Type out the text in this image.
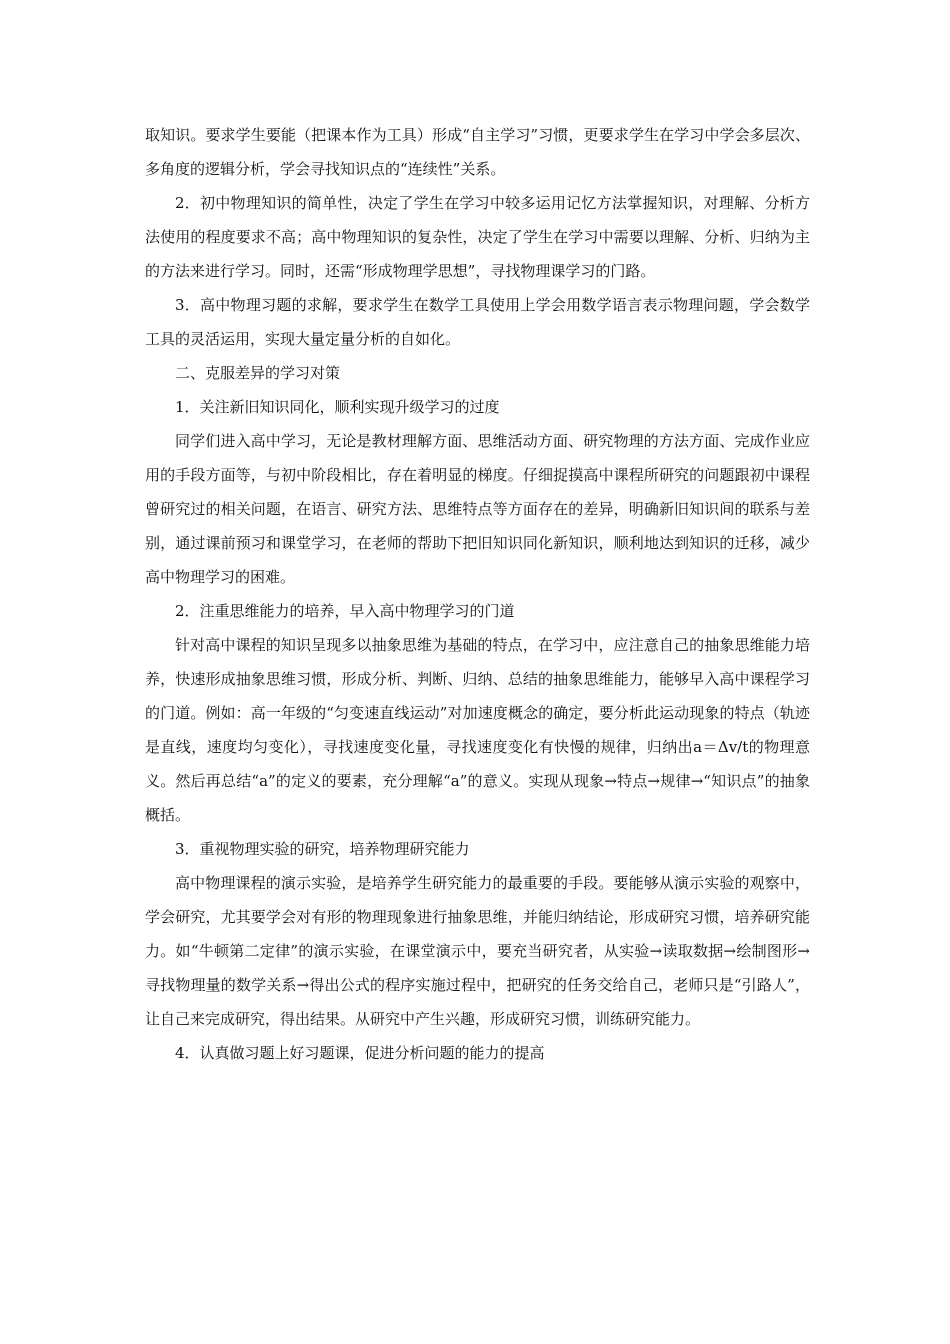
取知识。要求学生要能（把课本作为工具）形成“自主学习”习惯，更要求学生在学习中学会多层次、多角度的逻辑分析，学会寻找知识点的“连续性”关系。

2．初中物理知识的简单性，决定了学生在学习中较多运用记忆方法掌握知识，对理解、分析方法使用的程度要求不高；高中物理知识的复杂性，决定了学生在学习中需要以理解、分析、归纳为主的方法来进行学习。同时，还需“形成物理学思想”，寻找物理课学习的门路。

3．高中物理习题的求解，要求学生在数学工具使用上学会用数学语言表示物理问题，学会数学工具的灵活运用，实现大量定量分析的自如化。

二、克服差异的学习对策

1．关注新旧知识同化，顺利实现升级学习的过度

同学们进入高中学习，无论是教材理解方面、思维活动方面、研究物理的方法方面、完成作业应用的手段方面等，与初中阶段相比，存在着明显的梯度。仔细捉摸高中课程所研究的问题跟初中课程曾研究过的相关问题，在语言、研究方法、思维特点等方面存在的差异，明确新旧知识间的联系与差别，通过课前预习和课堂学习，在老师的帮助下把旧知识同化新知识，顺利地达到知识的迁移，减少高中物理学习的困难。

2．注重思维能力的培养，早入高中物理学习的门道

针对高中课程的知识呈现多以抽象思维为基础的特点，在学习中，应注意自己的抽象思维能力培养，快速形成抽象思维习惯，形成分析、判断、归纳、总结的抽象思维能力，能够早入高中课程学习的门道。例如：高一年级的“匀变速直线运动”对加速度概念的确定，要分析此运动现象的特点（轨迹是直线，速度均匀变化），寻找速度变化量，寻找速度变化有快慢的规律，归纳出a＝Δv/t的物理意义。然后再总结“a”的定义的要素，充分理解“a”的意义。实现从现象→特点→规律→“知识点”的抽象概括。

3．重视物理实验的研究，培养物理研究能力

高中物理课程的演示实验，是培养学生研究能力的最重要的手段。要能够从演示实验的观察中，学会研究，尤其要学会对有形的物理现象进行抽象思维，并能归纳结论，形成研究习惯，培养研究能力。如“牛顿第二定律”的演示实验，在课堂演示中，要充当研究者，从实验→读取数据→绘制图形→寻找物理量的数学关系→得出公式的程序实施过程中，把研究的任务交给自己，老师只是“引路人”，让自己来完成研究，得出结果。从研究中产生兴趣，形成研究习惯，训练研究能力。

4．认真做习题上好习题课，促进分析问题的能力的提高
